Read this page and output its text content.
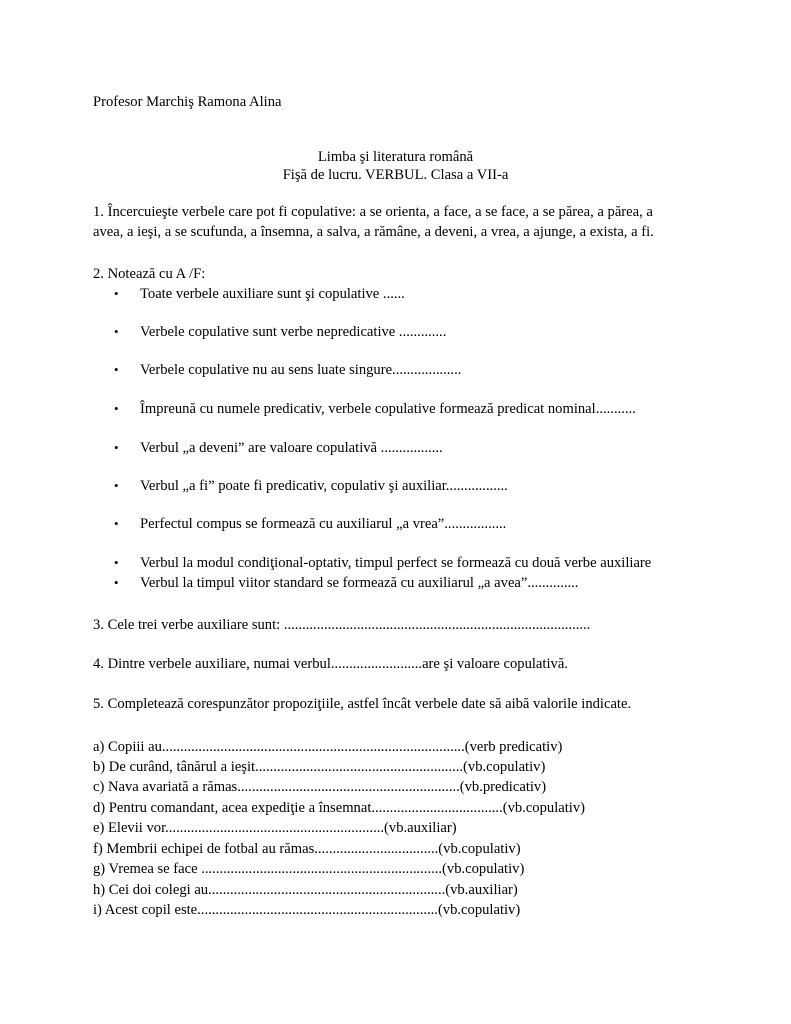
Profesor Marchiş Ramona Alina
Limba şi literatura română
Fişă de lucru. VERBUL. Clasa a VII-a
1. Încercuieşte verbele care pot fi copulative: a se orienta, a face, a se face, a se părea, a părea, a
avea, a ieşi, a se scufunda, a însemna, a salva, a rămâne, a deveni, a vrea, a ajunge, a exista, a fi.
2. Notează cu A /F:
• Toate verbele auxiliare sunt şi copulative ......
• Verbele copulative sunt verbe nepredicative .............
• Verbele copulative nu au sens luate singure...................
• Împreună cu numele predicativ, verbele copulative formează predicat nominal...........
• Verbul „a deveni” are valoare copulativă .................
• Verbul „a fi” poate fi predicativ, copulativ şi auxiliar.................
• Perfectul compus se formează cu auxiliarul „a vrea”.................
• Verbul la modul condiţional-optativ, timpul perfect se formează cu două verbe auxiliare
• Verbul la timpul viitor standard se formează cu auxiliarul „a avea”..............
3. Cele trei verbe auxiliare sunt: ....................................................................................
4. Dintre verbele auxiliare, numai verbul.........................are şi valoare copulativă.
5. Completează corespunzător propoziţiile, astfel încât verbele date să aibă valorile indicate.
a) Copiii au...................................................................................(verb predicativ)
b) De curând, tânărul a ieşit.........................................................(vb.copulativ)
c) Nava avariată a rămas.............................................................(vb.predicativ)
d) Pentru comandant, acea expediţie a însemnat....................................(vb.copulativ)
e) Elevii vor............................................................(vb.auxiliar)
f) Membrii echipei de fotbal au rămas..................................(vb.copulativ)
g) Vremea se face ..................................................................(vb.copulativ)
h) Cei doi colegi au.................................................................(vb.auxiliar)
i) Acest copil este..................................................................(vb.copulativ)
